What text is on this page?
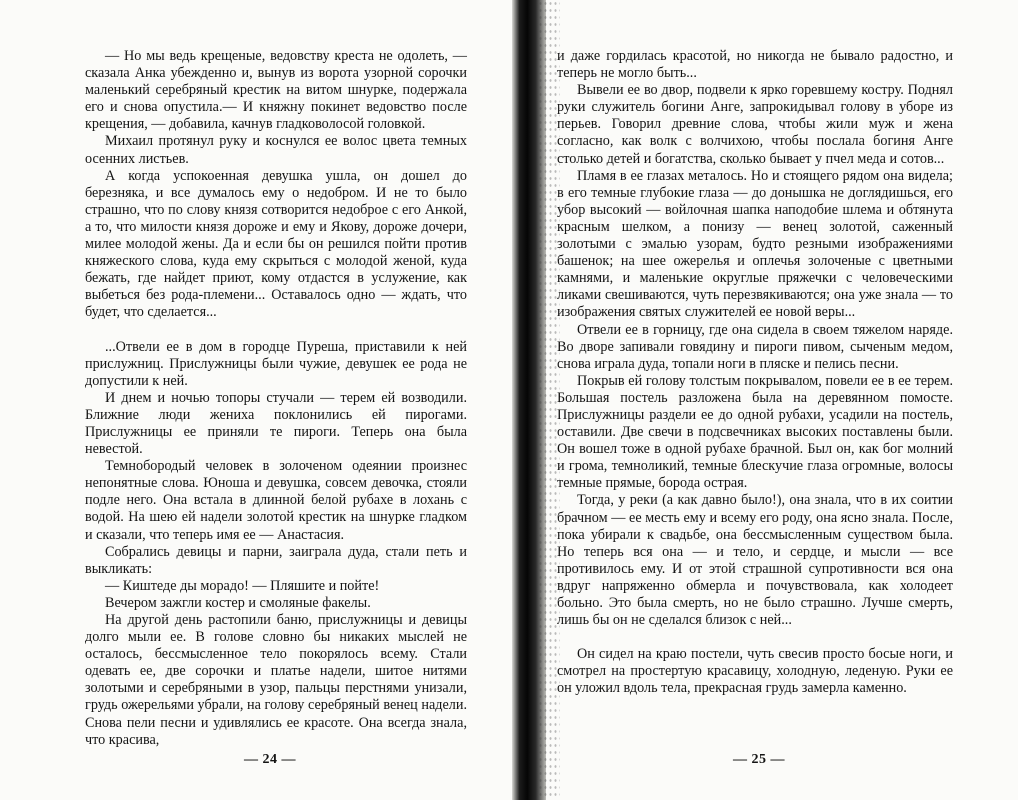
— Но мы ведь крещеные, ведовству креста не одолеть, — сказала Анка убежденно и, вынув из ворота узорной сорочки маленький серебряный крестик на витом шнурке, подержала его и снова опустила.— И княжну покинет ведовство после крещения, — добавила, качнув гладковолосой головкой.

Михаил протянул руку и коснулся ее волос цвета темных осенних листьев.

А когда успокоенная девушка ушла, он дошел до березняка, и все думалось ему о недобром. И не то было страшно, что по слову князя сотворится недоброе с его Анкой, а то, что милости князя дороже и ему и Якову, дороже дочери, милее молодой жены. Да и если бы он решился пойти против княжеского слова, куда ему скрыться с молодой женой, куда бежать, где найдет приют, кому отдастся в услужение, как выбеться без рода-племени... Оставалось одно — ждать, что будет, что сделается...

...Отвели ее в дом в городце Пуреша, приставили к ней прислужниц. Прислужницы были чужие, девушек ее рода не допустили к ней.

И днем и ночью топоры стучали — терем ей возводили. Ближние люди жениха поклонились ей пирогами. Прислужницы ее приняли те пироги. Теперь она была невестой.

Темнобородый человек в золоченом одеянии произнес непонятные слова. Юноша и девушка, совсем девочка, стояли подле него. Она встала в длинной белой рубахе в лохань с водой. На шею ей надели золотой крестик на шнурке гладком и сказали, что теперь имя ее — Анастасия.

Собрались девицы и парни, заиграла дуда, стали петь и выкликать:

— Киштеде ды морадо! — Пляшите и пойте!

Вечером зажгли костер и смоляные факелы.

На другой день растопили баню, прислужницы и девицы долго мыли ее. В голове словно бы никаких мыслей не осталось, бессмысленное тело покорялось всему. Стали одевать ее, две сорочки и платье надели, шитое нитями золотыми и серебряными в узор, пальцы перстнями унизали, грудь ожерельями убрали, на голову серебряный венец надели. Снова пели песни и удивлялись ее красоте. Она всегда знала, что красива,

— 24 —

и даже гордилась красотой, но никогда не бывало радостно, и теперь не могло быть...

Вывели ее во двор, подвели к ярко горевшему костру. Поднял руки служитель богини Анге, запрокидывал голову в уборе из перьев. Говорил древние слова, чтобы жили муж и жена согласно, как волк с волчихою, чтобы послала богиня Анге столько детей и богатства, сколько бывает у пчел меда и сотов...

Пламя в ее глазах металось. Но и стоящего рядом она видела; в его темные глубокие глаза — до донышка не доглядишься, его убор высокий — войлочная шапка наподобие шлема и обтянута красным шелком, а понизу — венец золотой, саженный золотыми с эмалью узорам, будто резными изображениями башенок; на шее ожерелья и оплечья золоченые с цветными камнями, и маленькие округлые пряжечки с человеческими ликами свешиваются, чуть перезвякиваются; она уже знала — то изображения святых служителей ее новой веры...

Отвели ее в горницу, где она сидела в своем тяжелом наряде. Во дворе запивали говядину и пироги пивом, сыченым медом, снова играла дуда, топали ноги в пляске и пелись песни.

Покрыв ей голову толстым покрывалом, повели ее в ее терем. Большая постель разложена была на деревянном помосте. Прислужницы раздели ее до одной рубахи, усадили на постель, оставили. Две свечи в подсвечниках высоких поставлены были. Он вошел тоже в одной рубахе брачной. Был он, как бог молний и грома, темноликий, темные блескучие глаза огромные, волосы темные прямые, борода острая.

Тогда, у реки (а как давно было!), она знала, что в их соитии брачном — ее месть ему и всему его роду, она ясно знала. После, пока убирали к свадьбе, она бессмысленным существом была. Но теперь вся она — и тело, и сердце, и мысли — все противилось ему. И от этой страшной супротивности вся она вдруг напряженно обмерла и почувствовала, как холодеет больно. Это была смерть, но не было страшно. Лучше смерть, лишь бы он не сделался близок с ней...

Он сидел на краю постели, чуть свесив просто босые ноги, и смотрел на простертую красавицу, холодную, леденую. Руки ее он уложил вдоль тела, прекрасная грудь замерла каменно.

— 25 —
